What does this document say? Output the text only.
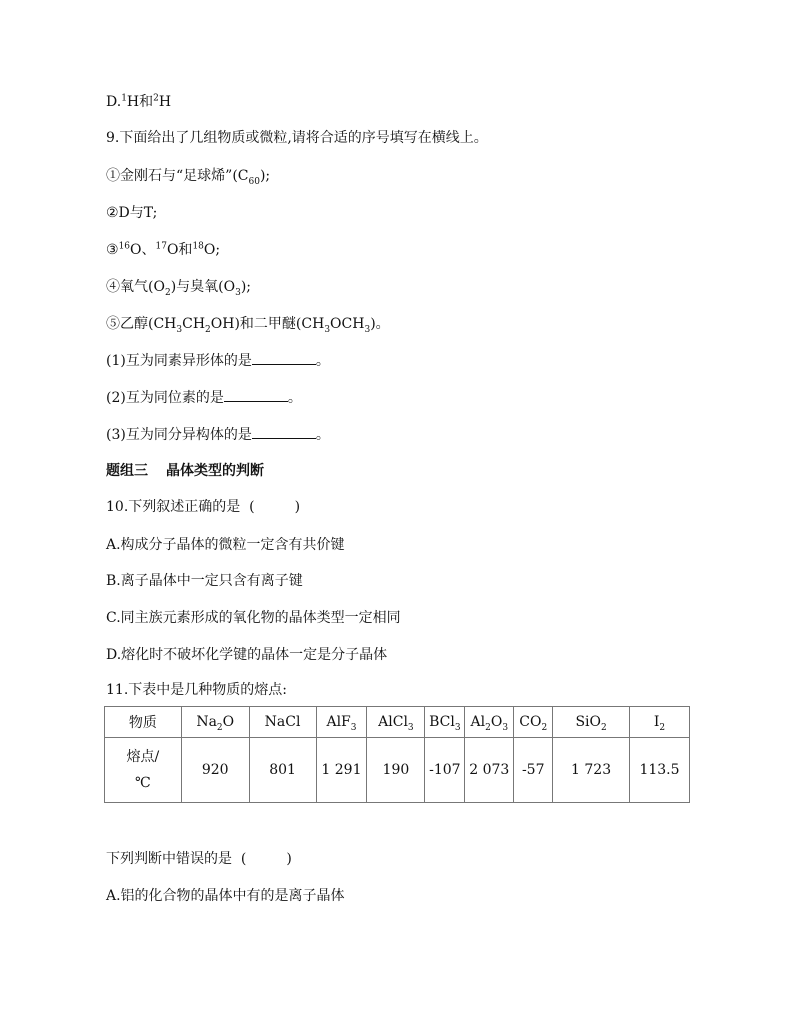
D.$^1$H和$^2$H
9.下面给出了几组物质或微粒,请将合适的序号填写在横线上。
①金刚石与“足球烯$”(C_{60})$;
②D与T;
③$^{16}$O、$^{17}$O和$^{18}$O;
④氧气$(O_2)$与臭氧$(O_3)$;
⑤乙醇$(CH_3CH_2OH)$和二甲醚$(CH_3OCH_3)$。
(1)互为同素异形体的是	。
(2)互为同位素的是	。
(3)互为同分异构体的是	。
题组三 晶体类型的判断
10.下列叙述正确的是 (	)
A.构成分子晶体的微粒一定含有共价键
B.离子晶体中一定只含有离子键
C.同主族元素形成的氧化物的晶体类型一定相同
D.熔化时不破坏化学键的晶体一定是分子晶体
11.下表中是几种物质的熔点:
物质	$Na_2O$	NaCl	AlF$_3$	AlCl$_3$	BCl$_3$	$Al_2O_3$	$CO_2$	SiO$_2$	$I_2$
熔点/
℃	920	801	1 291	190	-107	2 073	-57	1 723	113.5
下列判断中错误的是 (	)
A.铝的化合物的晶体中有的是离子晶体
